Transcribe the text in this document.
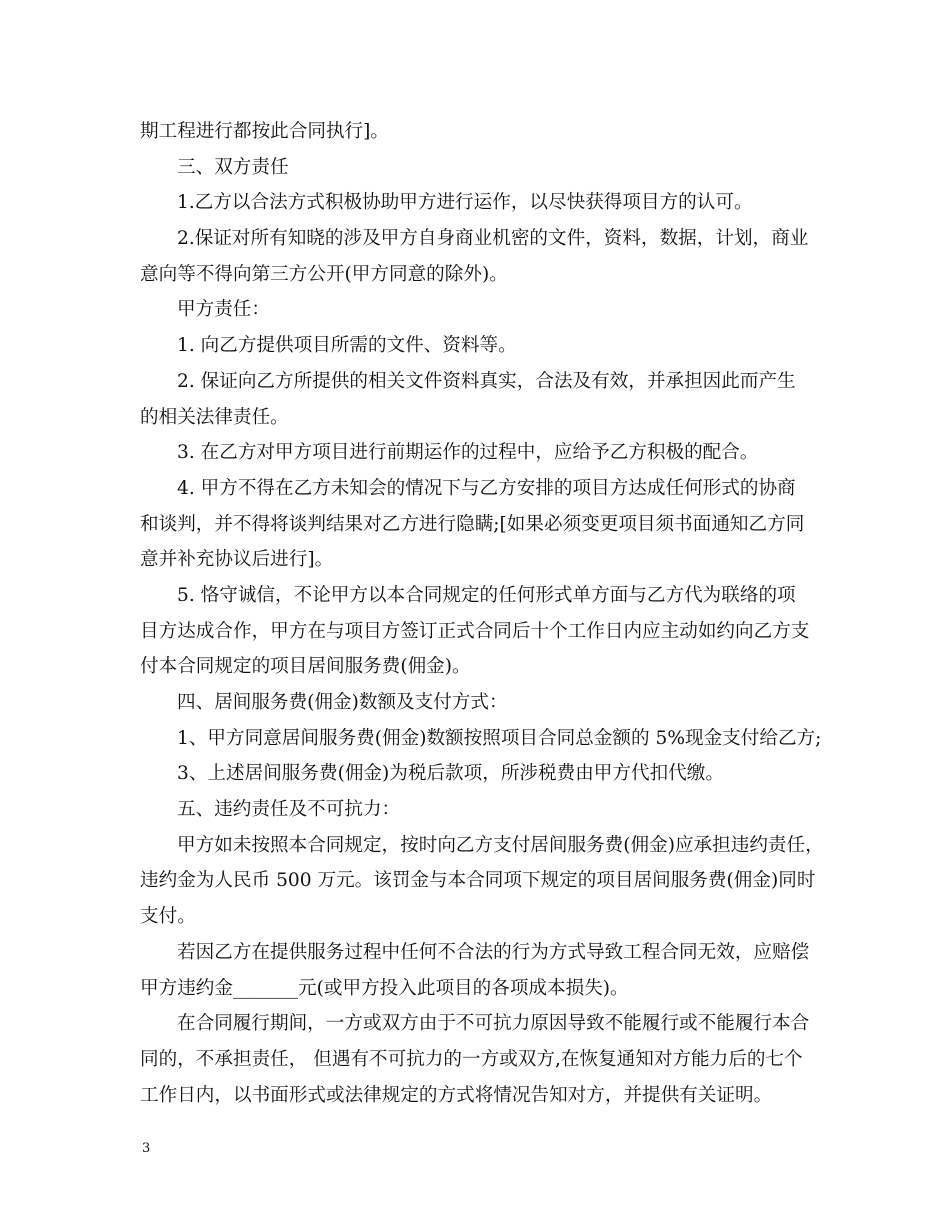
期工程进行都按此合同执行]。
三、双方责任
1.乙方以合法方式积极协助甲方进行运作，以尽快获得项目方的认可。
2.保证对所有知晓的涉及甲方自身商业机密的文件，资料，数据，计划，商业
意向等不得向第三方公开(甲方同意的除外)。
甲方责任：
1. 向乙方提供项目所需的文件、资料等。
2. 保证向乙方所提供的相关文件资料真实，合法及有效，并承担因此而产生
的相关法律责任。
3. 在乙方对甲方项目进行前期运作的过程中，应给予乙方积极的配合。
4. 甲方不得在乙方未知会的情况下与乙方安排的项目方达成任何形式的协商
和谈判，并不得将谈判结果对乙方进行隐瞒;[如果必须变更项目须书面通知乙方同
意并补充协议后进行]。
5. 恪守诚信，不论甲方以本合同规定的任何形式单方面与乙方代为联络的项
目方达成合作，甲方在与项目方签订正式合同后十个工作日内应主动如约向乙方支
付本合同规定的项目居间服务费(佣金)。
四、居间服务费(佣金)数额及支付方式：
1、甲方同意居间服务费(佣金)数额按照项目合同总金额的 5%现金支付给乙方;
3、上述居间服务费(佣金)为税后款项，所涉税费由甲方代扣代缴。
五、违约责任及不可抗力：
甲方如未按照本合同规定，按时向乙方支付居间服务费(佣金)应承担违约责任，
违约金为人民币 500 万元。该罚金与本合同项下规定的项目居间服务费(佣金)同时
支付。
若因乙方在提供服务过程中任何不合法的行为方式导致工程合同无效，应赔偿
甲方违约金_______元(或甲方投入此项目的各项成本损失)。
在合同履行期间，一方或双方由于不可抗力原因导致不能履行或不能履行本合
同的，不承担责任， 但遇有不可抗力的一方或双方,在恢复通知对方能力后的七个
工作日内，以书面形式或法律规定的方式将情况告知对方，并提供有关证明。
3
